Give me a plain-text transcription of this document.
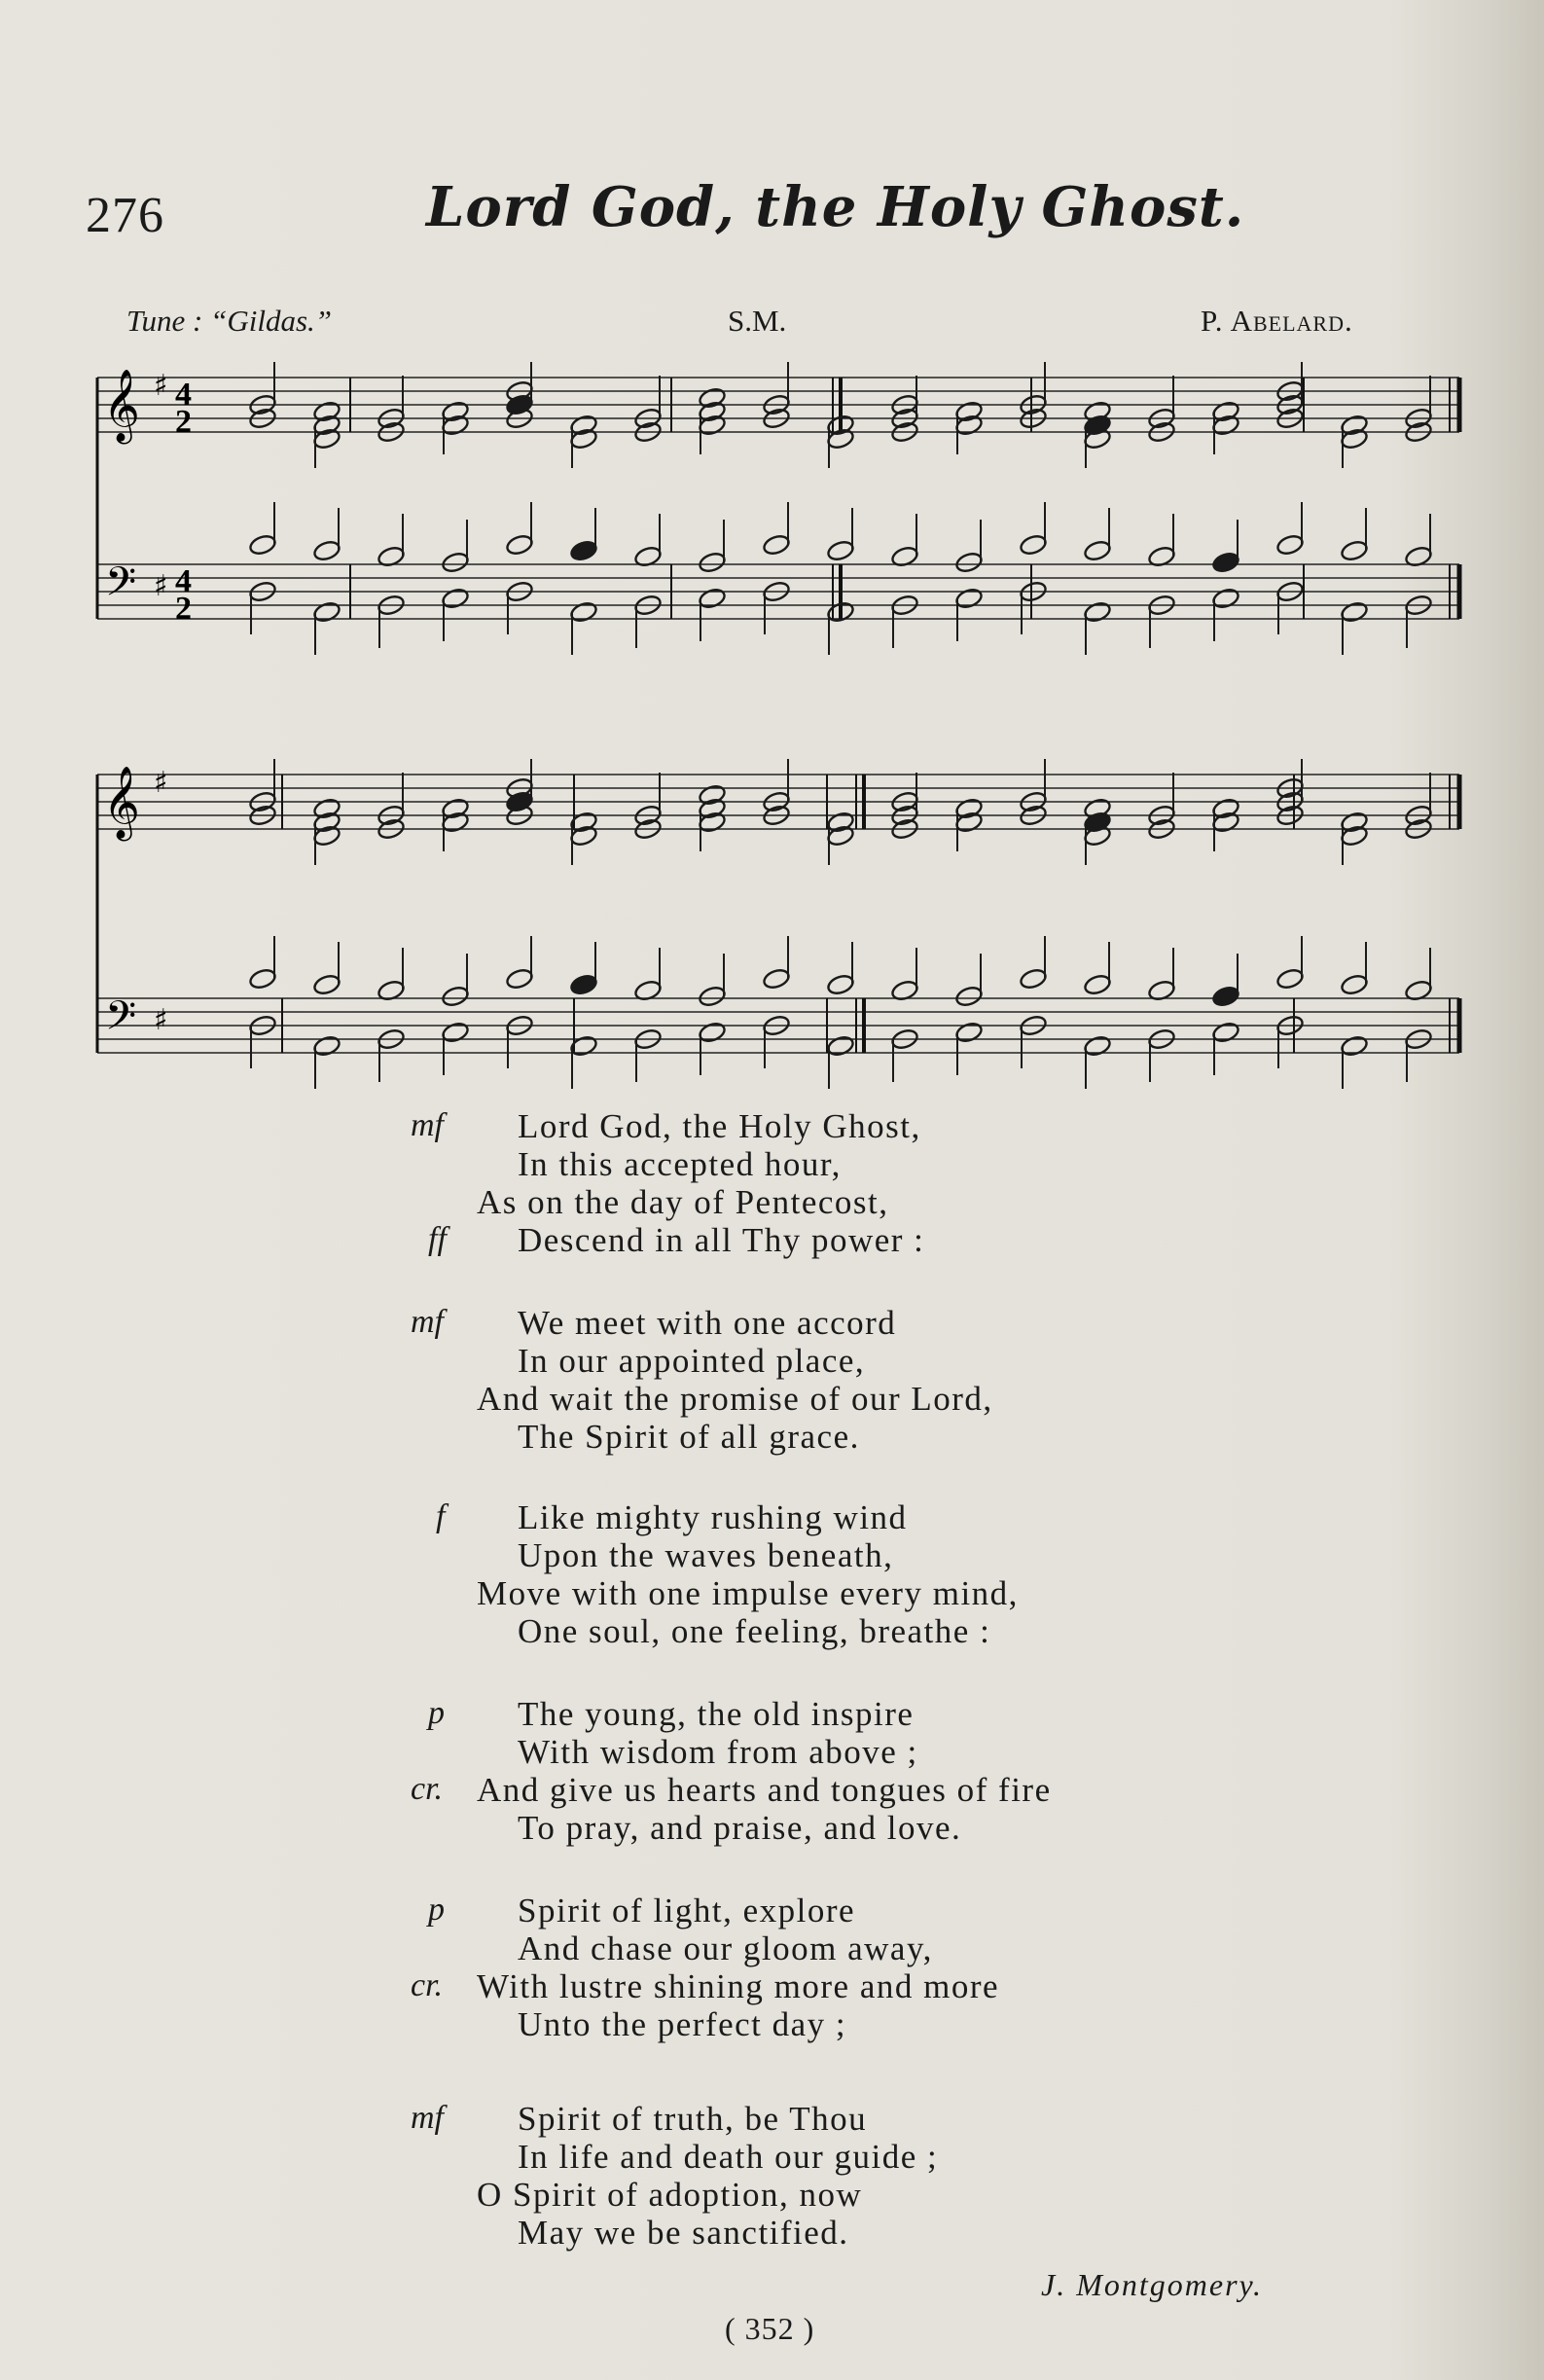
276	Lord God, the Holy Ghost.
Tune : “Gildas.”	S.M.	P. Abelard.
𝄞
𝄢
♯
♯
4
2
4
2
𝄞
𝄢
♯
♯
mf Lord God, the Holy Ghost,
In this accepted hour,
As on the day of Pentecost,
ff Descend in all Thy power :
mf We meet with one accord
In our appointed place,
And wait the promise of our Lord,
The Spirit of all grace.
f Like mighty rushing wind
Upon the waves beneath,
Move with one impulse every mind,
One soul, one feeling, breathe :
p The young, the old inspire
With wisdom from above ;
cr. And give us hearts and tongues of fire
To pray, and praise, and love.
p Spirit of light, explore
And chase our gloom away,
cr. With lustre shining more and more
Unto the perfect day ;
mf Spirit of truth, be Thou
In life and death our guide ;
O Spirit of adoption, now
May we be sanctified.
J. Montgomery.
( 352 )
